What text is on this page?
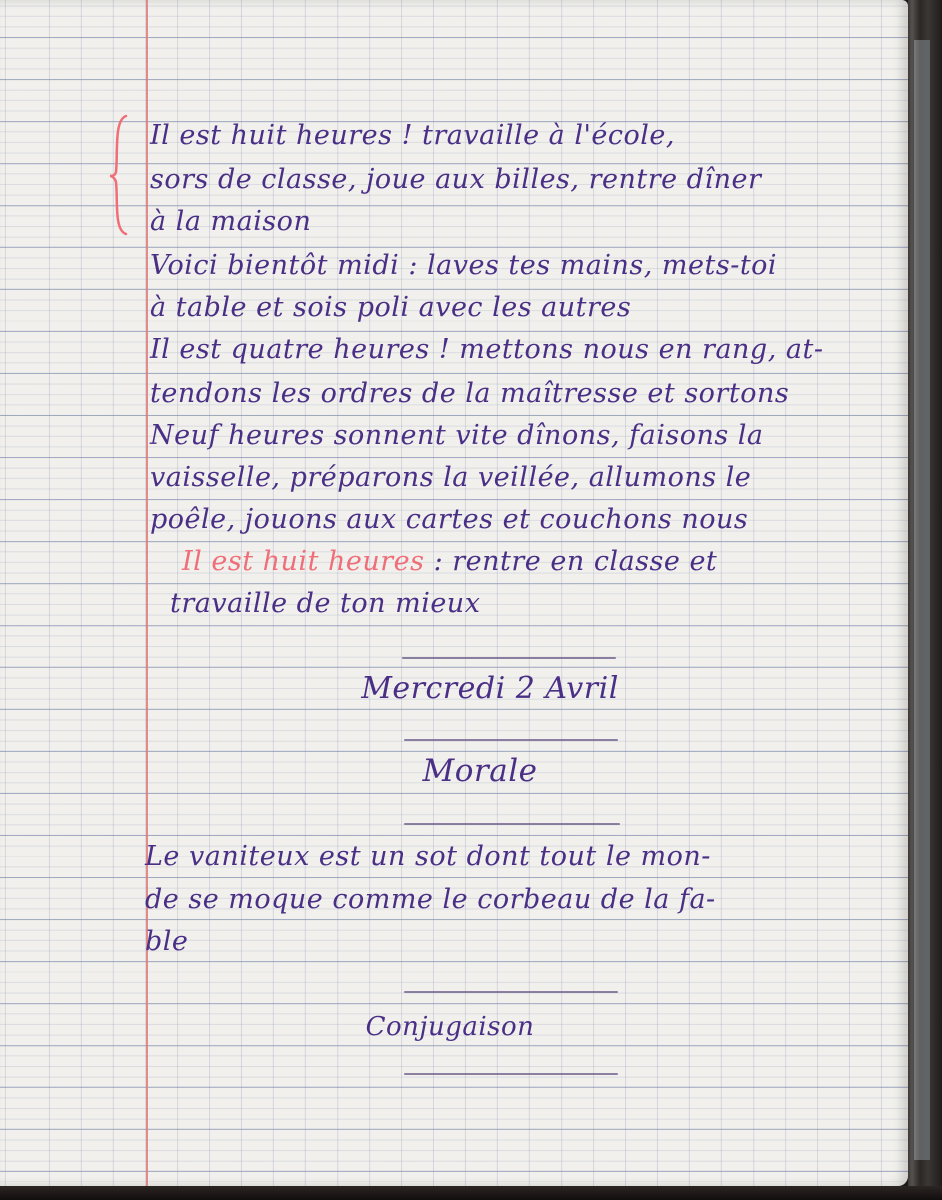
Il est huit heures ! travaille à l'école,

sors de classe, joue aux billes, rentre dîner

à la maison

Voici bientôt midi : laves tes mains, mets-toi

à table et sois poli avec les autres

Il est quatre heures ! mettons nous en rang, at-

tendons les ordres de la maîtresse et sortons

Neuf heures sonnent vite dînons, faisons la

vaisselle, préparons la veillée, allumons le

poêle, jouons aux cartes et couchons nous

Il est huit heures : rentre en classe et

travaille de ton mieux

Mercredi 2 Avril

Morale

Le vaniteux est un sot dont tout le mon-

de se moque comme le corbeau de la fa-

ble

Conjugaison
